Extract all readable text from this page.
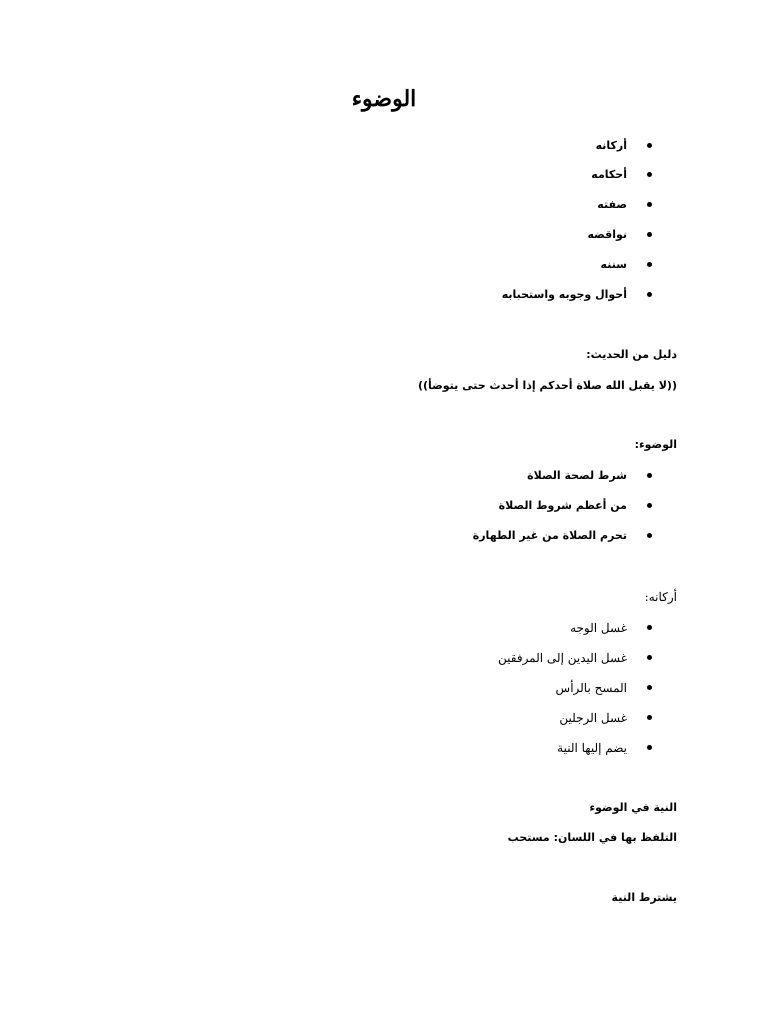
الوضوء
أركانه
أحكامه
صفته
نواقضه
سننه
أحوال وجوبه واستحبابه
دليل من الحديث:
((لا يقبل الله صلاة أحدكم إذا أحدث حتى يتوضأ))
الوضوء:
شرط لصحة الصلاة
من أعظم شروط الصلاة
تحرم الصلاة من غير الطهارة
أركانه:
غسل الوجه
غسل اليدين إلى المرفقين
المسح بالرأس
غسل الرجلين
يضم إليها النية
النية في الوضوء
التلفظ بها في اللسان: مستحب
يشترط النية
